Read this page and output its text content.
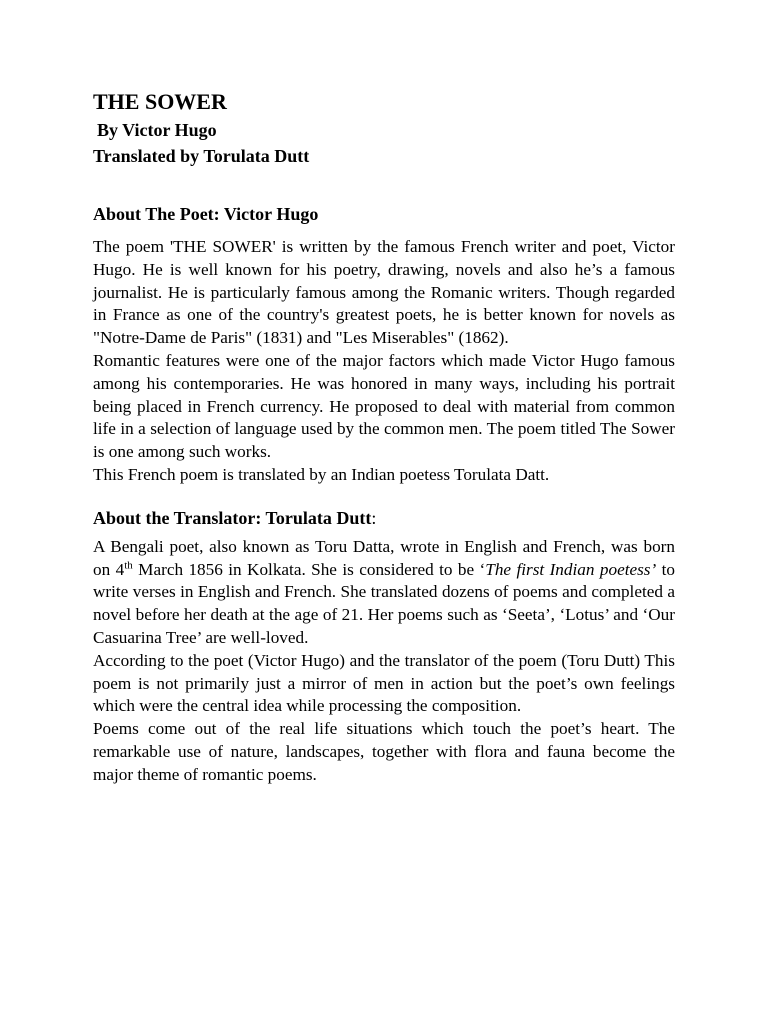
THE SOWER
By Victor Hugo
Translated by Torulata Dutt
About The Poet: Victor Hugo

The poem 'THE SOWER' is written by the famous French writer and poet, Victor Hugo. He is well known for his poetry, drawing, novels and also he’s a famous journalist. He is particularly famous among the Romanic writers. Though regarded in France as one of the country's greatest poets, he is better known for novels as "Notre-Dame de Paris" (1831) and "Les Miserables" (1862).

Romantic features were one of the major factors which made Victor Hugo famous among his contemporaries. He was honored in many ways, including his portrait being placed in French currency. He proposed to deal with material from common life in a selection of language used by the common men. The poem titled The Sower is one among such works.

This French poem is translated by an Indian poetess Torulata Datt.

About the Translator: Torulata Dutt:

A Bengali poet, also known as Toru Datta, wrote in English and French, was born on 4th March 1856 in Kolkata. She is considered to be ‘The first Indian poetess’ to write verses in English and French. She translated dozens of poems and completed a novel before her death at the age of 21. Her poems such as ‘Seeta’, ‘Lotus’ and ‘Our Casuarina Tree’ are well-loved.

According to the poet (Victor Hugo) and the translator of the poem (Toru Dutt) This poem is not primarily just a mirror of men in action but the poet’s own feelings which were the central idea while processing the composition.

Poems come out of the real life situations which touch the poet’s heart. The remarkable use of nature, landscapes, together with flora and fauna become the major theme of romantic poems.
